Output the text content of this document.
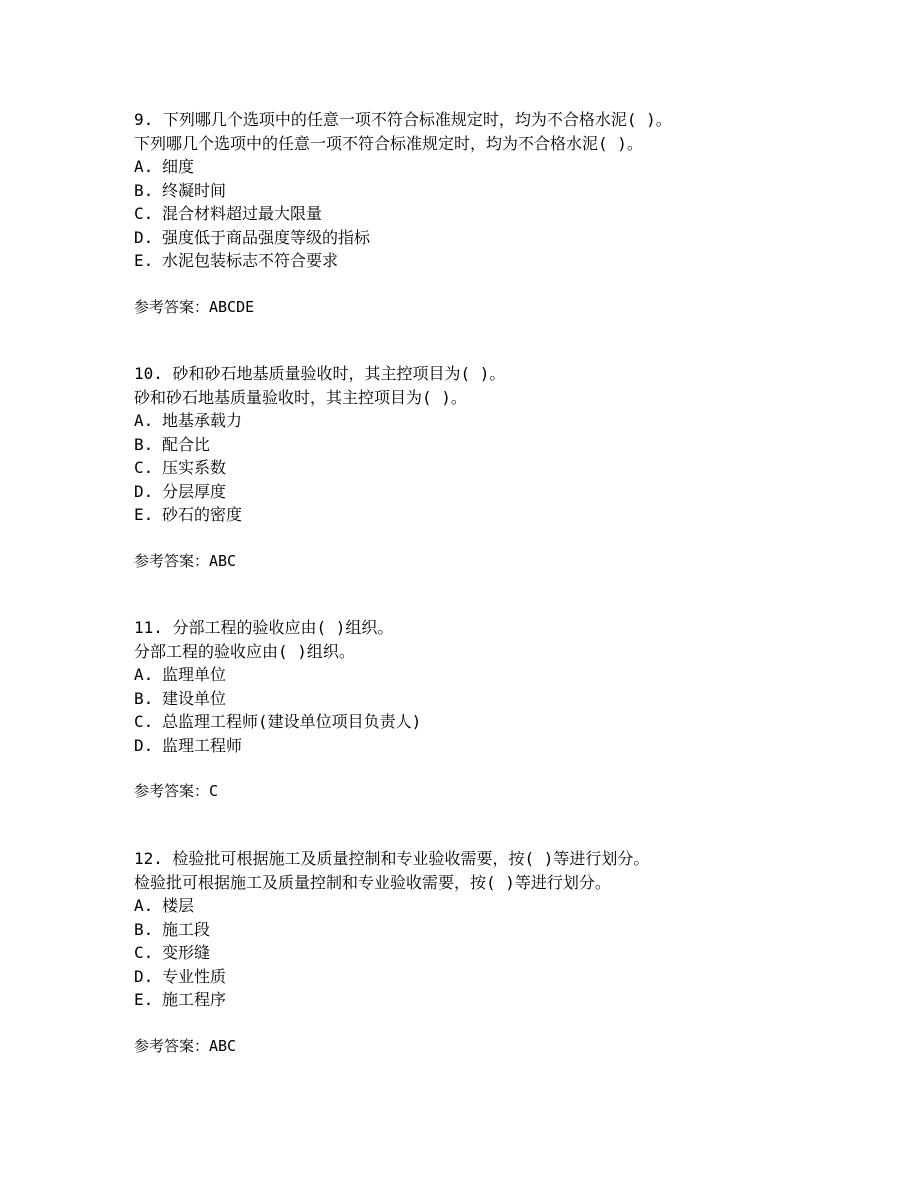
9. 下列哪几个选项中的任意一项不符合标准规定时，均为不合格水泥( )。
下列哪几个选项中的任意一项不符合标准规定时，均为不合格水泥( )。
A. 细度
B. 终凝时间
C. 混合材料超过最大限量
D. 强度低于商品强度等级的指标
E. 水泥包装标志不符合要求
参考答案：ABCDE
10. 砂和砂石地基质量验收时，其主控项目为( )。
砂和砂石地基质量验收时，其主控项目为( )。
A. 地基承载力
B. 配合比
C. 压实系数
D. 分层厚度
E. 砂石的密度
参考答案：ABC
11. 分部工程的验收应由( )组织。
分部工程的验收应由( )组织。
A. 监理单位
B. 建设单位
C. 总监理工程师(建设单位项目负责人)
D. 监理工程师
参考答案：C
12. 检验批可根据施工及质量控制和专业验收需要，按( )等进行划分。
检验批可根据施工及质量控制和专业验收需要，按( )等进行划分。
A. 楼层
B. 施工段
C. 变形缝
D. 专业性质
E. 施工程序
参考答案：ABC
